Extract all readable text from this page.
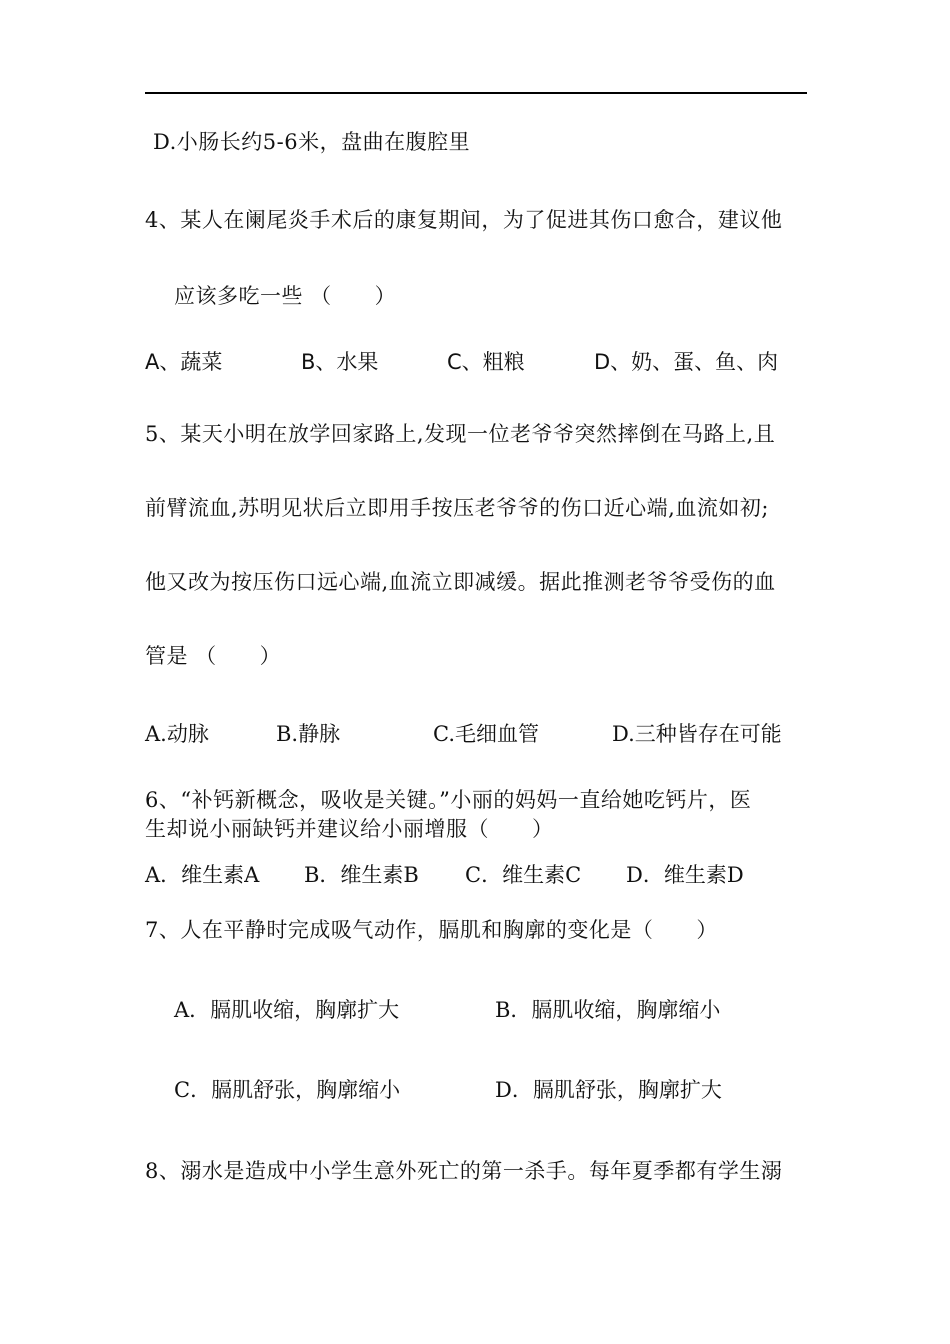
D.小肠长约5-6米，盘曲在腹腔里
4、某人在阑尾炎手术后的康复期间，为了促进其伤口愈合，建议他
应该多吃一些 （　　）
A、蔬菜	B、水果	C、粗粮	D、奶、蛋、鱼、肉
5、某天小明在放学回家路上,发现一位老爷爷突然摔倒在马路上,且
前臂流血,苏明见状后立即用手按压老爷爷的伤口近心端,血流如初;
他又改为按压伤口远心端,血流立即减缓。据此推测老爷爷受伤的血
管是 （　　）
A.动脉	B.静脉	C.毛细血管	D.三种皆存在可能
6、“补钙新概念，吸收是关键。”小丽的妈妈一直给她吃钙片，医
生却说小丽缺钙并建议给小丽增服（　　）
A．维生素A B．维生素B C．维生素C D．维生素D
7、人在平静时完成吸气动作，膈肌和胸廓的变化是（　　）
A．膈肌收缩，胸廓扩大	B．膈肌收缩，胸廓缩小
C．膈肌舒张，胸廓缩小	D．膈肌舒张，胸廓扩大
8、溺水是造成中小学生意外死亡的第一杀手。每年夏季都有学生溺
